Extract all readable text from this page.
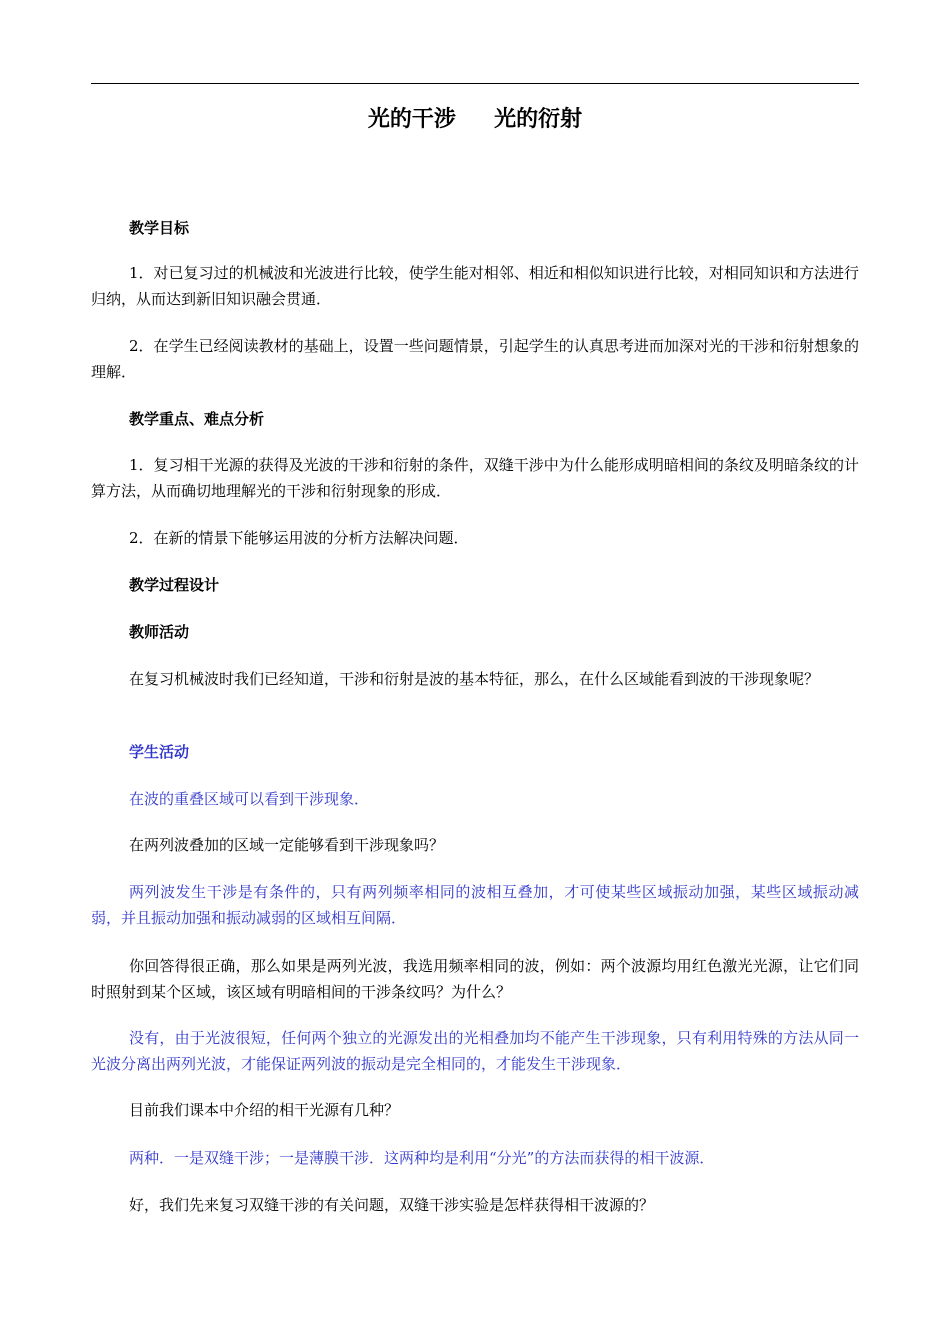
光的干涉     光的衍射
教学目标
1．对已复习过的机械波和光波进行比较，使学生能对相邻、相近和相似知识进行比较，对相同知识和方法进行归纳，从而达到新旧知识融会贯通．
2．在学生已经阅读教材的基础上，设置一些问题情景，引起学生的认真思考进而加深对光的干涉和衍射想象的理解．
教学重点、难点分析
1．复习相干光源的获得及光波的干涉和衍射的条件，双缝干涉中为什么能形成明暗相间的条纹及明暗条纹的计算方法，从而确切地理解光的干涉和衍射现象的形成．
2．在新的情景下能够运用波的分析方法解决问题．
教学过程设计
教师活动
在复习机械波时我们已经知道，干涉和衍射是波的基本特征，那么，在什么区域能看到波的干涉现象呢？
学生活动
在波的重叠区域可以看到干涉现象．
在两列波叠加的区域一定能够看到干涉现象吗？
两列波发生干涉是有条件的，只有两列频率相同的波相互叠加，才可使某些区域振动加强，某些区域振动减弱，并且振动加强和振动减弱的区域相互间隔．
你回答得很正确，那么如果是两列光波，我选用频率相同的波，例如：两个波源均用红色激光光源，让它们同时照射到某个区域，该区域有明暗相间的干涉条纹吗？为什么？
没有，由于光波很短，任何两个独立的光源发出的光相叠加均不能产生干涉现象，只有利用特殊的方法从同一光波分离出两列光波，才能保证两列波的振动是完全相同的，才能发生干涉现象．
目前我们课本中介绍的相干光源有几种？
两种．一是双缝干涉；一是薄膜干涉．这两种均是利用“分光”的方法而获得的相干波源．
好，我们先来复习双缝干涉的有关问题，双缝干涉实验是怎样获得相干波源的？
